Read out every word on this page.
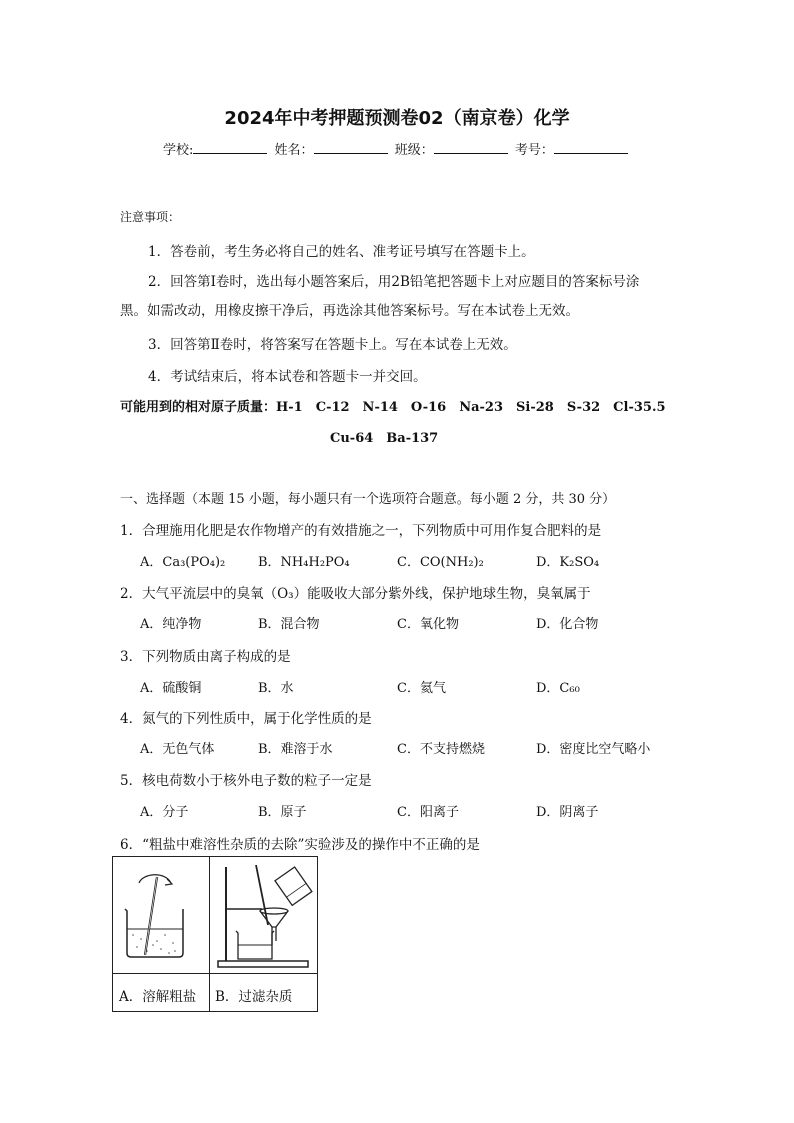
2024年中考押题预测卷02（南京卷）化学
学校:	姓名：	班级：	考号：
注意事项：
1．答卷前，考生务必将自己的姓名、准考证号填写在答题卡上。
2．回答第Ⅰ卷时，选出每小题答案后，用2B铅笔把答题卡上对应题目的答案标号涂
黑。如需改动，用橡皮擦干净后，再选涂其他答案标号。写在本试卷上无效。
3．回答第Ⅱ卷时，将答案写在答题卡上。写在本试卷上无效。
4．考试结束后，将本试卷和答题卡一并交回。
可能用到的相对原子质量：H-1　C-12　N-14　O-16　Na-23　Si-28　S-32　Cl-35.5
Cu-64　Ba-137
一、选择题（本题 15 小题，每小题只有一个选项符合题意。每小题 2 分，共 30 分）
1．合理施用化肥是农作物增产的有效措施之一，下列物质中可用作复合肥料的是
A．Ca₃(PO₄)₂	B．NH₄H₂PO₄	C．CO(NH₂)₂	D．K₂SO₄
2．大气平流层中的臭氧（O₃）能吸收大部分紫外线，保护地球生物，臭氧属于
A．纯净物	B．混合物	C．氧化物	D．化合物
3．下列物质由离子构成的是
A．硫酸铜	B．水	C．氦气	D．C₆₀
4．氮气的下列性质中，属于化学性质的是
A．无色气体	B．难溶于水	C．不支持燃烧	D．密度比空气略小
5．核电荷数小于核外电子数的粒子一定是
A．分子	B．原子	C．阳离子	D．阴离子
6．“粗盐中难溶性杂质的去除”实验涉及的操作中不正确的是
A．溶解粗盐 B．过滤杂质
